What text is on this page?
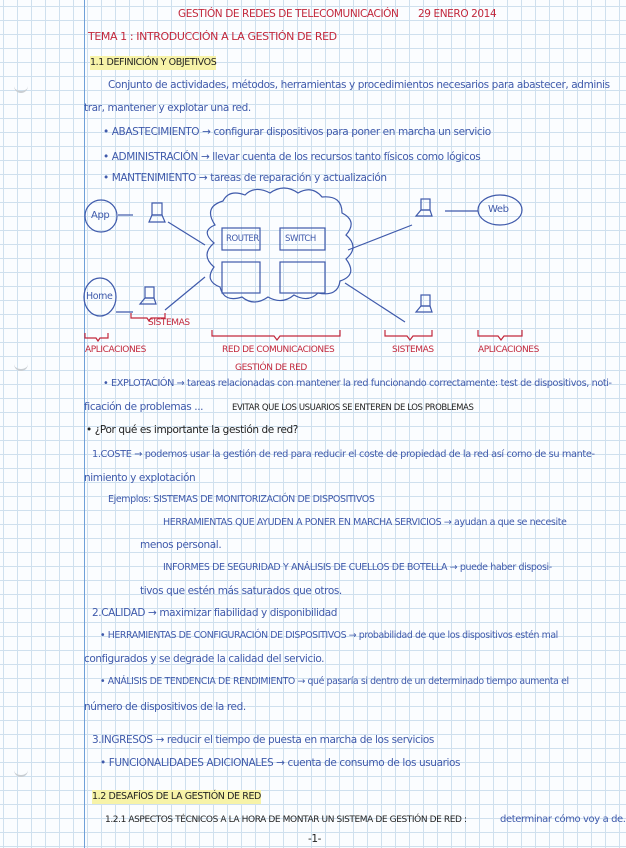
GESTIÓN DE REDES DE TELECOMUNICACIÓN 29 ENERO 2014
TEMA 1 : INTRODUCCIÓN A LA GESTIÓN DE RED
1.1 DEFINICIÓN Y OBJETIVOS
Conjunto de actividades, métodos, herramientas y procedimientos necesarios para abastecer, adminis
trar, mantener y explotar una red.
• ABASTECIMIENTO → configurar dispositivos para poner en marcha un servicio
• ADMINISTRACIÓN → llevar cuenta de los recursos tanto físicos como lógicos
• MANTENIMIENTO → tareas de reparación y actualización
App
Web
Home
ROUTER	SWITCH
SISTEMAS
APLICACIONES	RED DE COMUNICACIONES	SISTEMAS	APLICACIONES
GESTIÓN DE RED
• EXPLOTACIÓN → tareas relacionadas con mantener la red funcionando correctamente: test de dispositivos, noti-
ficación de problemas ...	EVITAR QUE LOS USUARIOS SE ENTEREN DE LOS PROBLEMAS
• ¿Por qué es importante la gestión de red?
1.COSTE → podemos usar la gestión de red para reducir el coste de propiedad de la red así como de su mante-
nimiento y explotación
Ejemplos: SISTEMAS DE MONITORIZACIÓN DE DISPOSITIVOS
HERRAMIENTAS QUE AYUDEN A PONER EN MARCHA SERVICIOS → ayudan a que se necesite
menos personal.
INFORMES DE SEGURIDAD Y ANÁLISIS DE CUELLOS DE BOTELLA → puede haber disposi-
tivos que estén más saturados que otros.
2.CALIDAD → maximizar fiabilidad y disponibilidad
• HERRAMIENTAS DE CONFIGURACIÓN DE DISPOSITIVOS → probabilidad de que los dispositivos estén mal
configurados y se degrade la calidad del servicio.
• ANÁLISIS DE TENDENCIA DE RENDIMIENTO → qué pasaría si dentro de un determinado tiempo aumenta el
número de dispositivos de la red.
3.INGRESOS → reducir el tiempo de puesta en marcha de los servicios
• FUNCIONALIDADES ADICIONALES → cuenta de consumo de los usuarios
1.2 DESAFÍOS DE LA GESTIÓN DE RED
1.2.1 ASPECTOS TÉCNICOS A LA HORA DE MONTAR UN SISTEMA DE GESTIÓN DE RED :	determinar cómo voy a de.
-1-
